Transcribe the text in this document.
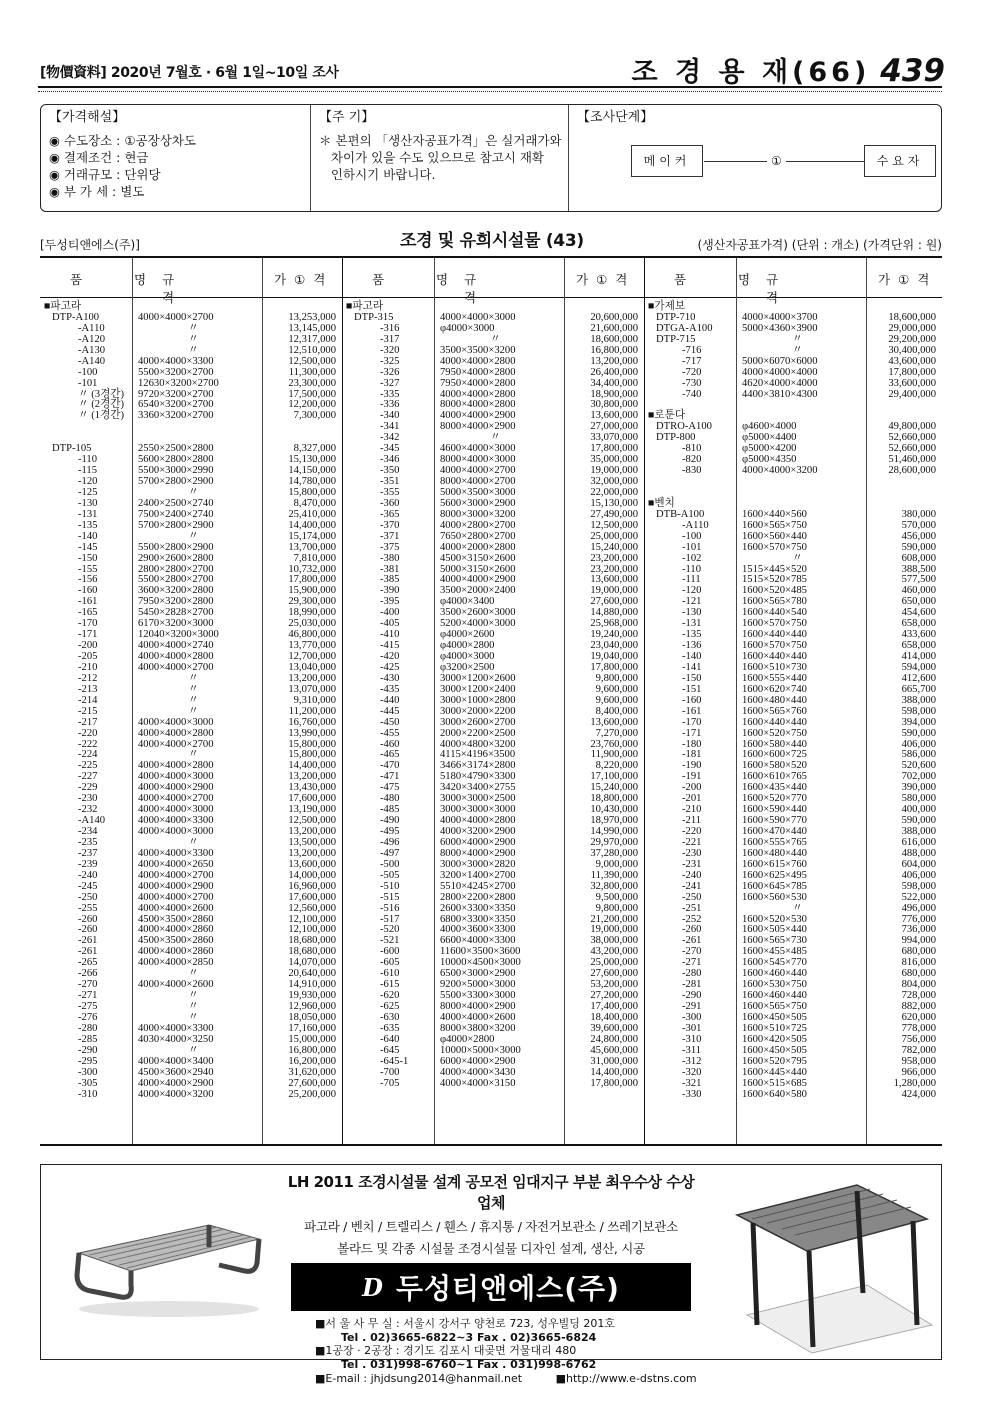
[物價資料] 2020년 7월호 · 6월 1일~10일 조사	조 경 용 재(66) 439
【가격해설】
◉ 수도장소 : ①공장상차도
◉ 결제조건 : 현금
◉ 거래규모 : 단위당
◉ 부 가 세 : 별도
【주 기】
＊ 본편의 「생산자공표가격」은 실거래가와
차이가 있을 수도 있으므로 참고시 재확
인하시기 바랍니다.
【조사단계】
메이커	①	수요자
[두성티앤에스(주)]	조경 및 유희시설물 (43)	(생산자공표가격) (단위 : 개소) (가격단위 : 원)
품 명
규 격
가 ① 격
■파고라
DTP-A100	4000×4000×2700	13,253,000
-A110	〃	13,145,000
-A120	〃	12,317,000
-A130	〃	12,510,000
-A140	4000×4000×3300	12,500,000
-100	5500×3200×2700	11,300,000
-101	12630×3200×2700	23,300,000
〃 (3경간) 9720×3200×2700	17,500,000
〃 (2경간) 6540×3200×2700	12,200,000
〃 (1경간) 3360×3200×2700	7,300,000
DTP-105	2550×2500×2800	8,327,000
-110	5600×2800×2800	15,130,000
-115	5500×3000×2990	14,150,000
-120	5700×2800×2900	14,780,000
-125	〃	15,800,000
-130	2400×2500×2740	8,470,000
-131	7500×2400×2740	25,410,000
-135	5700×2800×2900	14,400,000
-140	〃	15,174,000
-145	5500×2800×2900	13,700,000
-150	2900×2600×2800	7,810,000
-155	2800×2800×2700	10,732,000
-156	5500×2800×2700	17,800,000
-160	3600×3200×2800	15,900,000
-161	7950×3200×2800	29,300,000
-165	5450×2828×2700	18,990,000
-170	6170×3200×3000	25,030,000
-171	12040×3200×3000	46,800,000
-200	4000×4000×2740	13,770,000
-205	4000×4000×2800	12,700,000
-210	4000×4000×2700	13,040,000
-212	〃	13,200,000
-213	〃	13,070,000
-214	〃	9,310,000
-215	〃	11,200,000
-217	4000×4000×3000	16,760,000
-220	4000×4000×2800	13,990,000
-222	4000×4000×2700	15,800,000
-224	〃	15,800,000
-225	4000×4000×2800	14,400,000
-227	4000×4000×3000	13,200,000
-229	4000×4000×2900	13,430,000
-230	4000×4000×2700	17,600,000
-232	4000×4000×3000	13,190,000
-A140	4000×4000×3300	12,500,000
-234	4000×4000×3000	13,200,000
-235	〃	13,500,000
-237	4000×4000×3300	13,200,000
-239	4000×4000×2650	13,600,000
-240	4000×4000×2700	14,000,000
-245	4000×4000×2900	16,960,000
-250	4000×4000×2700	17,600,000
-255	4000×4000×2600	12,560,000
-260	4500×3500×2860	12,100,000
-260	4000×4000×2860	12,100,000
-261	4500×3500×2860	18,680,000
-261	4000×4000×2860	18,680,000
-265	4000×4000×2850	14,070,000
-266	〃	20,640,000
-270	4000×4000×2600	14,910,000
-271	〃	19,930,000
-275	〃	12,960,000
-276	〃	18,050,000
-280	4000×4000×3300	17,160,000
-285	4030×4000×3250	15,000,000
-290	〃	16,800,000
-295	4000×4000×3400	16,200,000
-300	4500×3600×2940	31,620,000
-305	4000×4000×2900	27,600,000
-310	4000×4000×3200	25,200,000
품 명
규 격
가 ① 격
■파고라
DTP-315	4000×4000×3000	20,600,000
-316	φ4000×3000	21,600,000
-317	〃	18,600,000
-320	3500×3500×3200	16,800,000
-325	4000×4000×2800	13,200,000
-326	7950×4000×2800	26,400,000
-327	7950×4000×2800	34,400,000
-335	4000×4000×2800	18,900,000
-336	8000×4000×2800	30,800,000
-340	4000×4000×2900	13,600,000
-341	8000×4000×2900	27,000,000
-342	〃	33,070,000
-345	4600×4000×3000	17,800,000
-346	8000×4000×3000	35,000,000
-350	4000×4000×2700	19,000,000
-351	8000×4000×2700	32,000,000
-355	5000×3500×3000	22,000,000
-360	5600×3000×2900	15,130,000
-365	8000×3000×3200	27,490,000
-370	4000×2800×2700	12,500,000
-371	7650×2800×2700	25,000,000
-375	4000×2000×2800	15,240,000
-380	4500×3150×2600	23,200,000
-381	5000×3150×2600	23,200,000
-385	4000×4000×2900	13,600,000
-390	3500×2000×2400	19,000,000
-395	φ4000×3400	27,600,000
-400	3500×2600×3000	14,880,000
-405	5200×4000×3000	25,968,000
-410	φ4000×2600	19,240,000
-415	φ4000×2800	23,040,000
-420	φ4000×3000	19,040,000
-425	φ3200×2500	17,800,000
-430	3000×1200×2600	9,800,000
-435	3000×1200×2400	9,600,000
-440	3000×1000×2800	9,600,000
-445	3000×2000×2200	8,400,000
-450	3000×2600×2700	13,600,000
-455	2000×2200×2500	7,270,000
-460	4000×4800×3200	23,760,000
-465	4115×4196×3500	11,900,000
-470	3466×3174×2800	8,220,000
-471	5180×4790×3300	17,100,000
-475	3420×3400×2755	15,240,000
-480	3000×3000×2500	18,800,000
-485	3000×3000×3000	10,430,000
-490	4000×4000×2800	18,970,000
-495	4000×3200×2900	14,990,000
-496	6000×4000×2900	29,970,000
-497	8000×4000×2900	37,280,000
-500	3000×3000×2820	9,000,000
-505	3200×1400×2700	11,390,000
-510	5510×4245×2700	32,800,000
-515	2800×2200×2800	9,500,000
-516	2600×3300×3350	9,800,000
-517	6800×3300×3350	21,200,000
-520	4000×3600×3300	19,000,000
-521	6600×4000×3300	38,000,000
-600	11600×3500×3600	43,200,000
-605	10000×4500×3000	25,000,000
-610	6500×3000×2900	27,600,000
-615	9200×5000×3000	53,200,000
-620	5500×3300×3000	27,200,000
-625	8000×4000×2900	17,400,000
-630	4000×4000×2600	18,400,000
-635	8000×3800×3200	39,600,000
-640	φ4000×2800	24,800,000
-645	10000×5000×3000	45,600,000
-645-1	6000×4000×2900	31,000,000
-700	4000×4000×3430	14,400,000
-705	4000×4000×3150	17,800,000
품 명
규 격
가 ① 격
■가제보
DTP-710	4000×4000×3700	18,600,000
DTGA-A100	5000×4360×3900	29,000,000
DTP-715	〃	29,200,000
-716	〃	30,400,000
-717	5000×6070×6000	43,600,000
-720	4000×4000×4000	17,800,000
-730	4620×4000×4000	33,600,000
-740	4400×3810×4300	29,400,000
■로툰다
DTRO-A100	φ4600×4000	49,800,000
DTP-800	φ5000×4400	52,660,000
-810	φ5000×4200	52,660,000
-820	φ5000×4350	51,460,000
-830	4000×4000×3200	28,600,000
■벤치
DTB-A100	1600×440×560	380,000
-A110	1600×565×750	570,000
-100	1600×560×440	456,000
-101	1600×570×750	590,000
-102	〃	608,000
-110	1515×445×520	388,500
-111	1515×520×785	577,500
-120	1600×520×485	460,000
-121	1600×565×780	650,000
-130	1600×440×540	454,600
-131	1600×570×750	658,000
-135	1600×440×440	433,600
-136	1600×570×750	658,000
-140	1600×440×440	414,000
-141	1600×510×730	594,000
-150	1600×555×440	412,600
-151	1600×620×740	665,700
-160	1600×480×440	388,000
-161	1600×565×760	598,000
-170	1600×440×440	394,000
-171	1600×520×750	590,000
-180	1600×580×440	406,000
-181	1600×600×725	586,000
-190	1600×580×520	520,600
-191	1600×610×765	702,000
-200	1600×435×440	390,000
-201	1600×520×770	580,000
-210	1600×590×440	400,000
-211	1600×590×770	590,000
-220	1600×470×440	388,000
-221	1600×555×765	616,000
-230	1600×480×440	488,000
-231	1600×615×760	604,000
-240	1600×625×495	406,000
-241	1600×645×785	598,000
-250	1600×560×530	522,000
-251	〃	496,000
-252	1600×520×530	776,000
-260	1600×505×440	736,000
-261	1600×565×730	994,000
-270	1600×455×485	680,000
-271	1600×545×770	816,000
-280	1600×460×440	680,000
-281	1600×530×750	804,000
-290	1600×460×440	728,000
-291	1600×565×750	882,000
-300	1600×450×505	620,000
-301	1600×510×725	778,000
-310	1600×420×505	756,000
-311	1600×450×505	782,000
-312	1600×520×795	958,000
-320	1600×445×440	966,000
-321	1600×515×685	1,280,000
-330	1600×640×580	424,000
LH 2011 조경시설물 설계 공모전 임대지구 부분 최우수상 수상 업체
파고라 / 벤치 / 트렐리스 / 휀스 / 휴지통 / 자전거보관소 / 쓰레기보관소
볼라드 및 각종 시설물 조경시설물 디자인 설계, 생산, 시공
D 두성티앤에스(주)
■서 울 사 무 실 : 서울시 강서구 양천로 723, 성우빌딩 201호
Tel . 02)3665-6822~3 Fax . 02)3665-6824
■1공장 · 2공장 : 경기도 김포시 대곶면 거물대리 480
Tel . 031)998-6760~1 Fax . 031)998-6762
■E-mail : jhjdsung2014@hanmail.net	■http://www.e-dstns.com
